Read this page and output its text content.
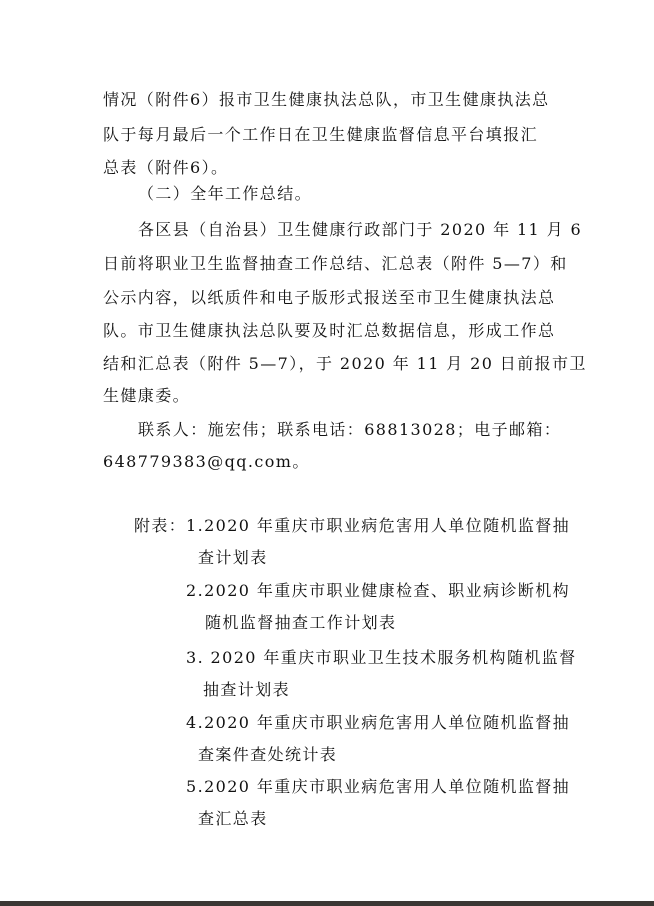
情况（附件6）报市卫生健康执法总队，市卫生健康执法总
队于每月最后一个工作日在卫生健康监督信息平台填报汇
总表（附件6）。
（二）全年工作总结。
各区县（自治县）卫生健康行政部门于 2020 年 11 月 6
日前将职业卫生监督抽查工作总结、汇总表（附件 5—7）和
公示内容，以纸质件和电子版形式报送至市卫生健康执法总
队。市卫生健康执法总队要及时汇总数据信息，形成工作总
结和汇总表（附件 5—7），于 2020 年 11 月 20 日前报市卫
生健康委。
联系人：施宏伟；联系电话：68813028；电子邮箱：
648779383@qq.com。
附表： 1.2020 年重庆市职业病危害用人单位随机监督抽
查计划表
2.2020 年重庆市职业健康检查、职业病诊断机构
随机监督抽查工作计划表
3. 2020 年重庆市职业卫生技术服务机构随机监督
抽查计划表
4.2020 年重庆市职业病危害用人单位随机监督抽
查案件查处统计表
5.2020 年重庆市职业病危害用人单位随机监督抽
查汇总表
